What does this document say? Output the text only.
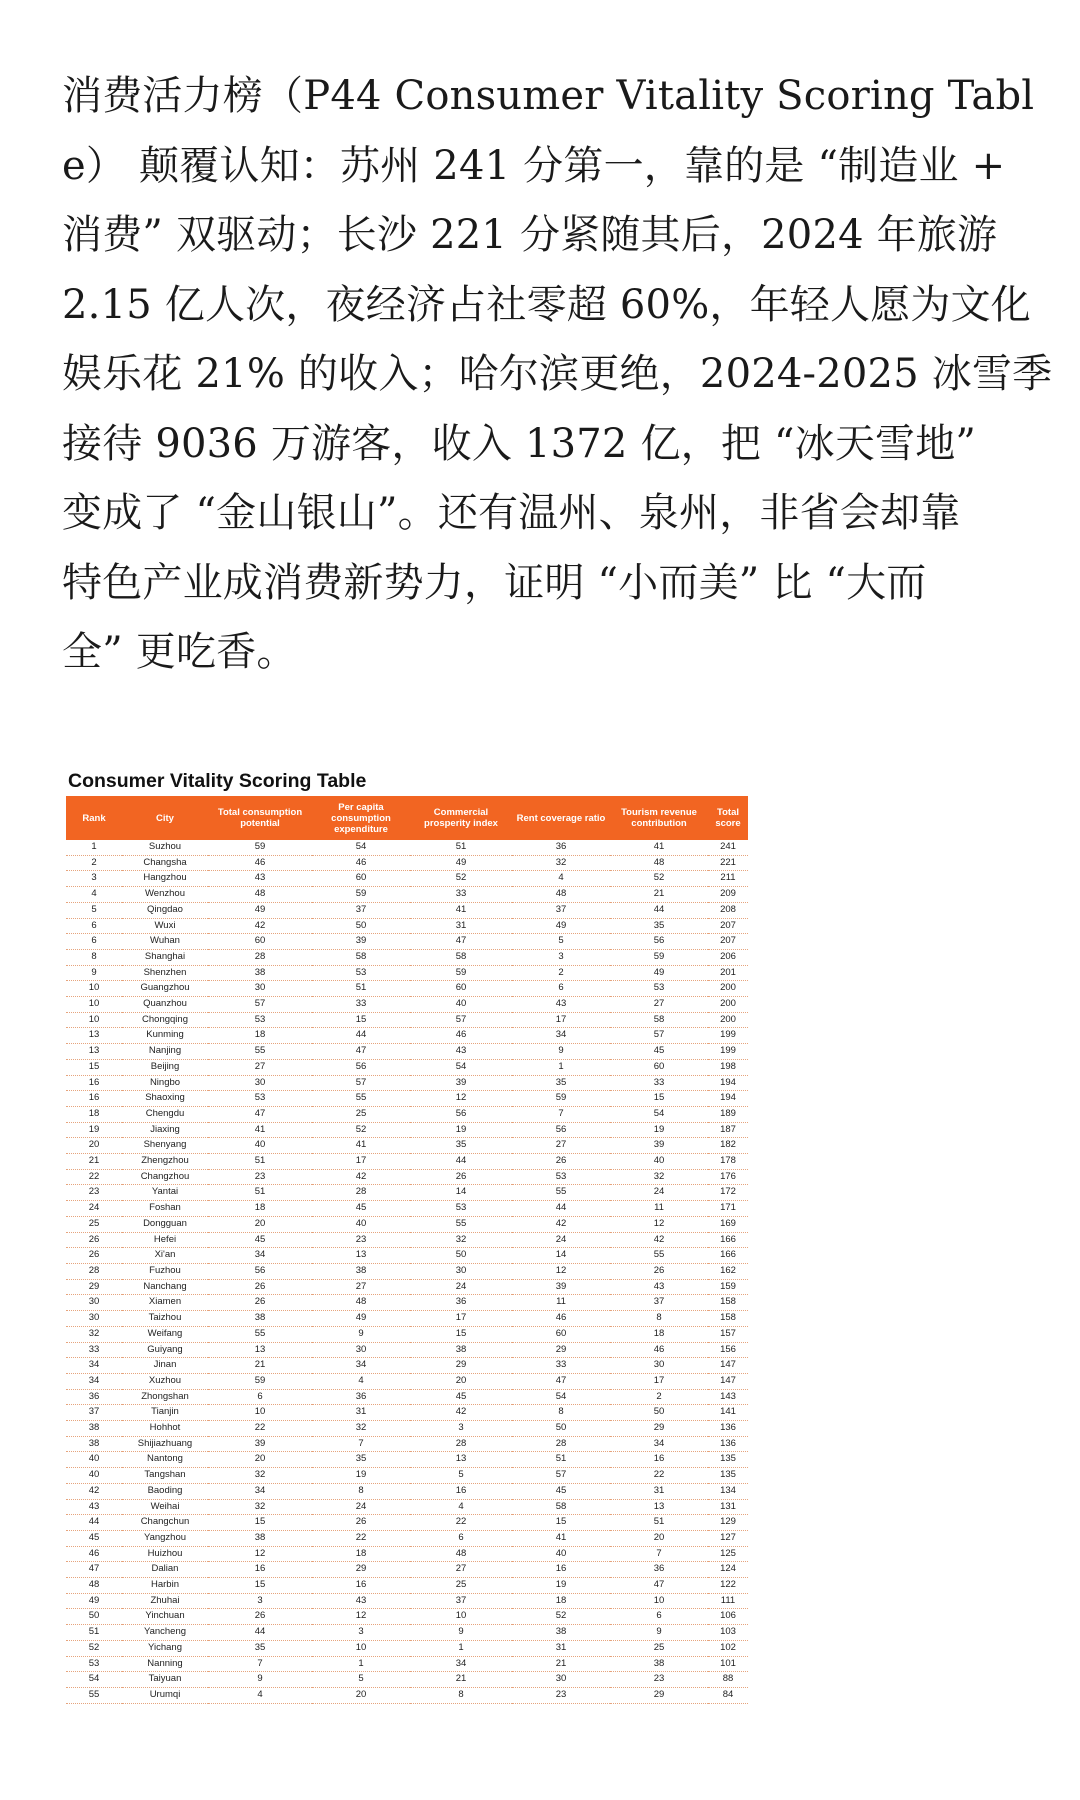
消费活力榜（P44 Consumer Vitality Scoring Tabl
e） 颠覆认知：苏州 241 分第一，靠的是 “制造业 +
消费” 双驱动；长沙 221 分紧随其后，2024 年旅游
2.15 亿人次，夜经济占社零超 60%，年轻人愿为文化
娱乐花 21% 的收入；哈尔滨更绝，2024-2025 冰雪季
接待 9036 万游客，收入 1372 亿，把 “冰天雪地”
变成了 “金山银山”。还有温州、泉州，非省会却靠
特色产业成消费新势力，证明 “小而美” 比 “大而
全” 更吃香。
Consumer Vitality Scoring Table
Rank	City	Total consumption potential	Per capita consumption expenditure	Commercial prosperity index	Rent coverage ratio	Tourism revenue contribution	Total score
1	Suzhou	59	54	51	36	41	241
2	Changsha	46	46	49	32	48	221
3	Hangzhou	43	60	52	4	52	211
4	Wenzhou	48	59	33	48	21	209
5	Qingdao	49	37	41	37	44	208
6	Wuxi	42	50	31	49	35	207
6	Wuhan	60	39	47	5	56	207
8	Shanghai	28	58	58	3	59	206
9	Shenzhen	38	53	59	2	49	201
10	Guangzhou	30	51	60	6	53	200
10	Quanzhou	57	33	40	43	27	200
10	Chongqing	53	15	57	17	58	200
13	Kunming	18	44	46	34	57	199
13	Nanjing	55	47	43	9	45	199
15	Beijing	27	56	54	1	60	198
16	Ningbo	30	57	39	35	33	194
16	Shaoxing	53	55	12	59	15	194
18	Chengdu	47	25	56	7	54	189
19	Jiaxing	41	52	19	56	19	187
20	Shenyang	40	41	35	27	39	182
21	Zhengzhou	51	17	44	26	40	178
22	Changzhou	23	42	26	53	32	176
23	Yantai	51	28	14	55	24	172
24	Foshan	18	45	53	44	11	171
25	Dongguan	20	40	55	42	12	169
26	Hefei	45	23	32	24	42	166
26	Xi'an	34	13	50	14	55	166
28	Fuzhou	56	38	30	12	26	162
29	Nanchang	26	27	24	39	43	159
30	Xiamen	26	48	36	11	37	158
30	Taizhou	38	49	17	46	8	158
32	Weifang	55	9	15	60	18	157
33	Guiyang	13	30	38	29	46	156
34	Jinan	21	34	29	33	30	147
34	Xuzhou	59	4	20	47	17	147
36	Zhongshan	6	36	45	54	2	143
37	Tianjin	10	31	42	8	50	141
38	Hohhot	22	32	3	50	29	136
38	Shijiazhuang	39	7	28	28	34	136
40	Nantong	20	35	13	51	16	135
40	Tangshan	32	19	5	57	22	135
42	Baoding	34	8	16	45	31	134
43	Weihai	32	24	4	58	13	131
44	Changchun	15	26	22	15	51	129
45	Yangzhou	38	22	6	41	20	127
46	Huizhou	12	18	48	40	7	125
47	Dalian	16	29	27	16	36	124
48	Harbin	15	16	25	19	47	122
49	Zhuhai	3	43	37	18	10	111
50	Yinchuan	26	12	10	52	6	106
51	Yancheng	44	3	9	38	9	103
52	Yichang	35	10	1	31	25	102
53	Nanning	7	1	34	21	38	101
54	Taiyuan	9	5	21	30	23	88
55	Urumqi	4	20	8	23	29	84
